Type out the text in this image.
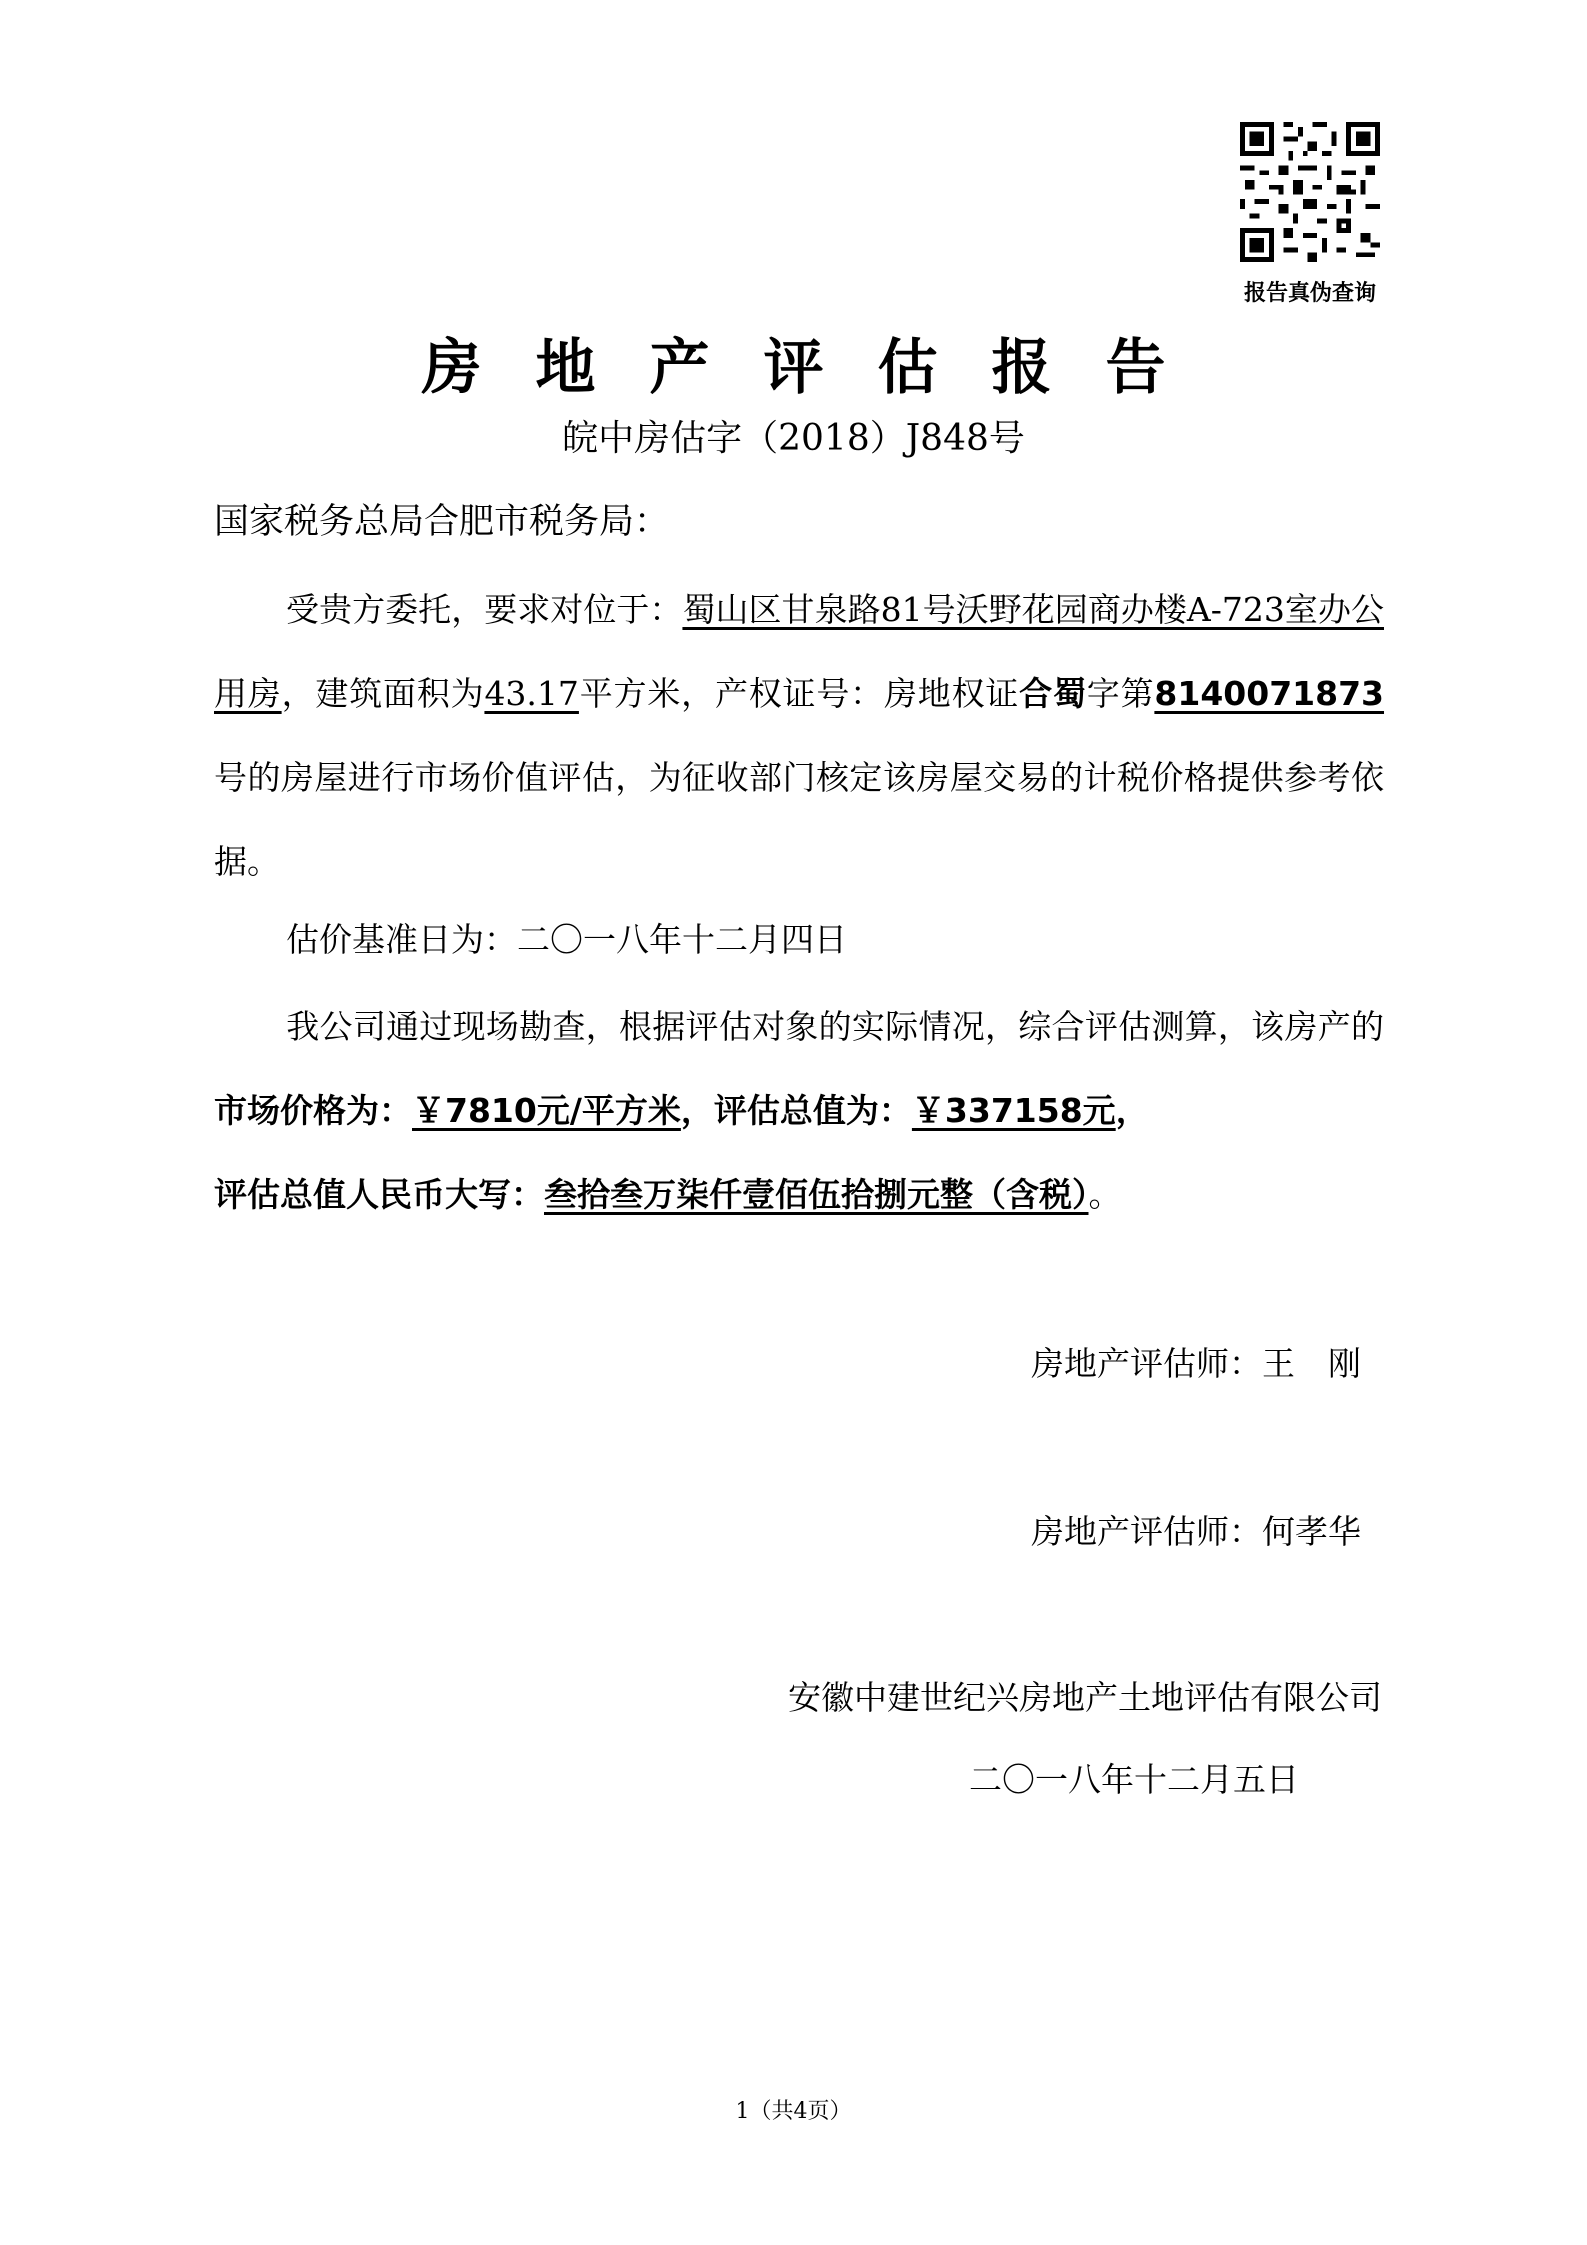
报告真伪查询
房地产评估报告
皖中房估字（2018）J848号
国家税务总局合肥市税务局：
受贵方委托，要求对位于：蜀山区甘泉路81号沃野花园商办楼A-723室办公用房，建筑面积为43.17平方米，产权证号：房地权证合蜀字第8140071873号的房屋进行市场价值评估，为征收部门核定该房屋交易的计税价格提供参考依据。
估价基准日为：二〇一八年十二月四日
我公司通过现场勘查，根据评估对象的实际情况，综合评估测算，该房产的市场价格为：￥7810元/平方米，评估总值为：￥337158元，
评估总值人民币大写：叁拾叁万柒仟壹佰伍拾捌元整（含税）。
房地产评估师：王　刚
房地产评估师：何孝华
安徽中建世纪兴房地产土地评估有限公司
二〇一八年十二月五日
1（共4页）
